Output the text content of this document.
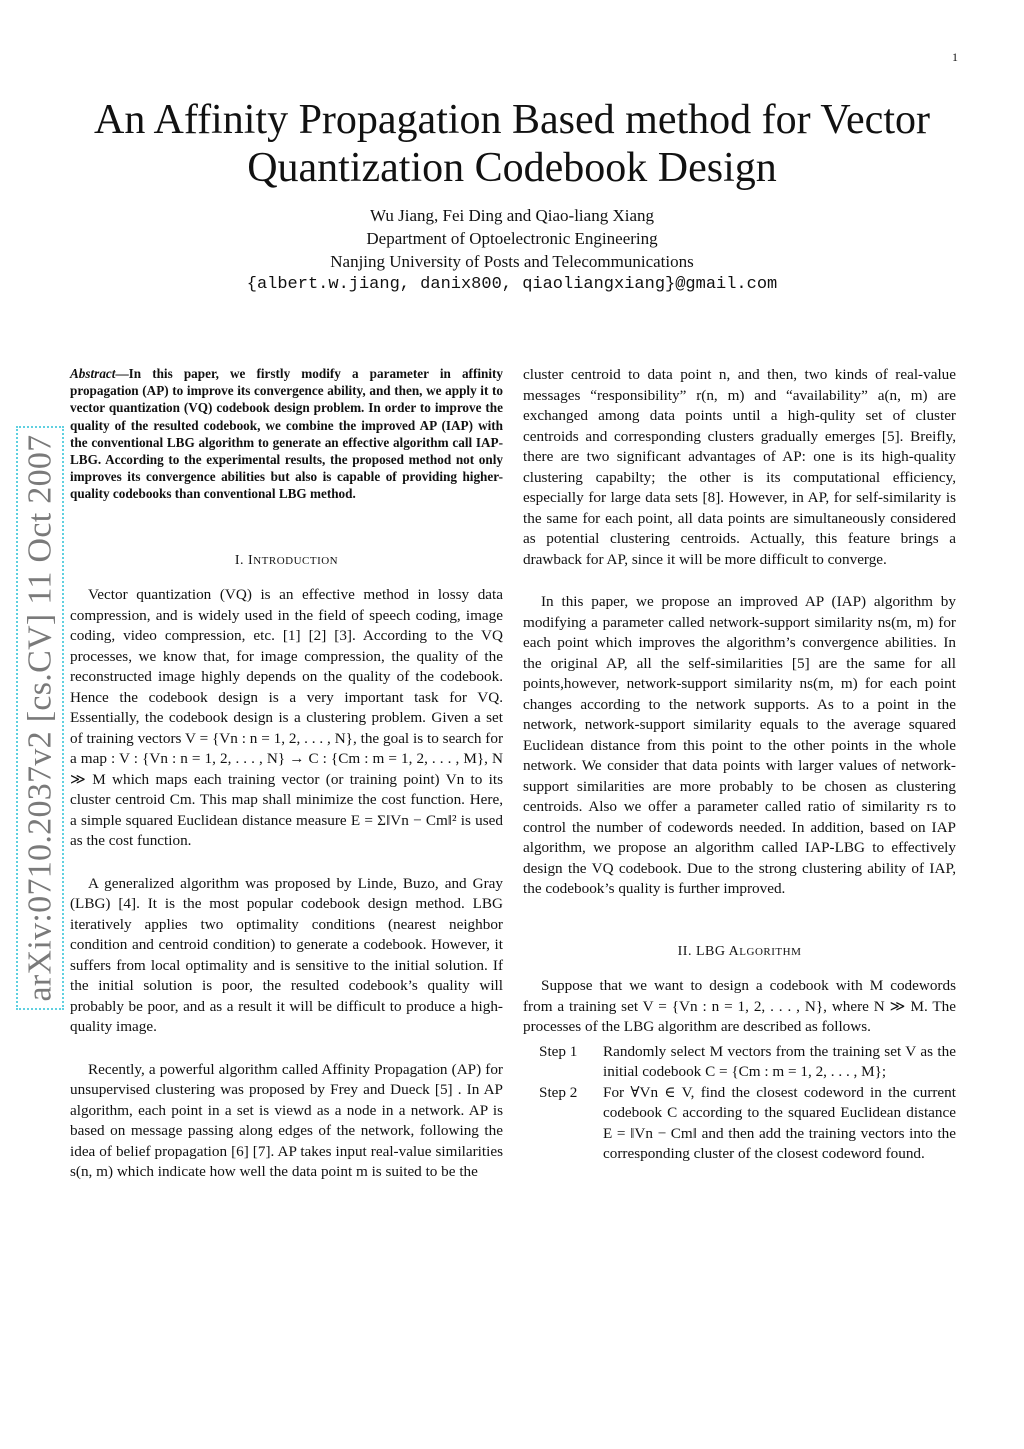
1
arXiv:0710.2037v2 [cs.CV] 11 Oct 2007
An Affinity Propagation Based method for Vector Quantization Codebook Design
Wu Jiang, Fei Ding and Qiao-liang Xiang
Department of Optoelectronic Engineering
Nanjing University of Posts and Telecommunications
{albert.w.jiang, danix800, qiaoliangxiang}@gmail.com

Abstract—In this paper, we firstly modify a parameter in affinity propagation (AP) to improve its convergence ability, and then, we apply it to vector quantization (VQ) codebook design problem. In order to improve the quality of the resulted codebook, we combine the improved AP (IAP) with the conventional LBG algorithm to generate an effective algorithm call IAP-LBG. According to the experimental results, the proposed method not only improves its convergence abilities but also is capable of providing higher-quality codebooks than conventional LBG method.

I. INTRODUCTION

Vector quantization (VQ) is an effective method in lossy data compression, and is widely used in the field of speech coding, image coding, video compression, etc. [1] [2] [3]. According to the VQ processes, we know that, for image compression, the quality of the reconstructed image highly depends on the quality of the codebook. Hence the codebook design is a very important task for VQ. Essentially, the codebook design is a clustering problem. Given a set of training vectors V = {Vn : n = 1, 2, . . . , N}, the goal is to search for a map : V : {Vn : n = 1, 2, . . . , N} → C : {Cm : m = 1, 2, . . . , M}, N ≫ M which maps each training vector (or training point) Vn to its cluster centroid Cm. This map shall minimize the cost function. Here, a simple squared Euclidean distance measure E = Σ‖Vn − Cm‖² is used as the cost function.

A generalized algorithm was proposed by Linde, Buzo, and Gray (LBG) [4]. It is the most popular codebook design method. LBG iteratively applies two optimality conditions (nearest neighbor condition and centroid condition) to generate a codebook. However, it suffers from local optimality and is sensitive to the initial solution. If the initial solution is poor, the resulted codebook’s quality will probably be poor, and as a result it will be difficult to produce a high-quality image.

Recently, a powerful algorithm called Affinity Propagation (AP) for unsupervised clustering was proposed by Frey and Dueck [5] . In AP algorithm, each point in a set is viewd as a node in a network. AP is based on message passing along edges of the network, following the idea of belief propagation [6] [7]. AP takes input real-value similarities s(n, m) which indicate how well the data point m is suited to be the

cluster centroid to data point n, and then, two kinds of real-value messages “responsibility” r(n, m) and “availability” a(n, m) are exchanged among data points until a high-qulity set of cluster centroids and corresponding clusters gradually emerges [5]. Breifly, there are two significant advantages of AP: one is its high-quality clustering capabilty; the other is its computational efficiency, especially for large data sets [8]. However, in AP, for self-similarity is the same for each point, all data points are simultaneously considered as potential clustering centroids. Actually, this feature brings a drawback for AP, since it will be more difficult to converge.

In this paper, we propose an improved AP (IAP) algorithm by modifying a parameter called network-support similarity ns(m, m) for each point which improves the algorithm’s convergence abilities. In the original AP, all the self-similarities [5] are the same for all points,however, network-support similarity ns(m, m) for each point changes according to the network supports. As to a point in the network, network-support similarity equals to the average squared Euclidean distance from this point to the other points in the whole network. We consider that data points with larger values of network-support similarities are more probably to be chosen as clustering centroids. Also we offer a parameter called ratio of similarity rs to control the number of codewords needed. In addition, based on IAP algorithm, we propose an algorithm called IAP-LBG to effectively design the VQ codebook. Due to the strong clustering ability of IAP, the codebook’s quality is further improved.

II. LBG ALGORITHM

Suppose that we want to design a codebook with M codewords from a training set V = {Vn : n = 1, 2, . . . , N}, where N ≫ M. The processes of the LBG algorithm are described as follows.

Step 1	Randomly select M vectors from the training set V as the initial codebook C = {Cm : m = 1, 2, . . . , M};
Step 2	For ∀Vn ∈ V, find the closest codeword in the current codebook C according to the squared Euclidean distance E = ‖Vn − Cm‖ and then add the training vectors into the corresponding cluster of the closest codeword found.
